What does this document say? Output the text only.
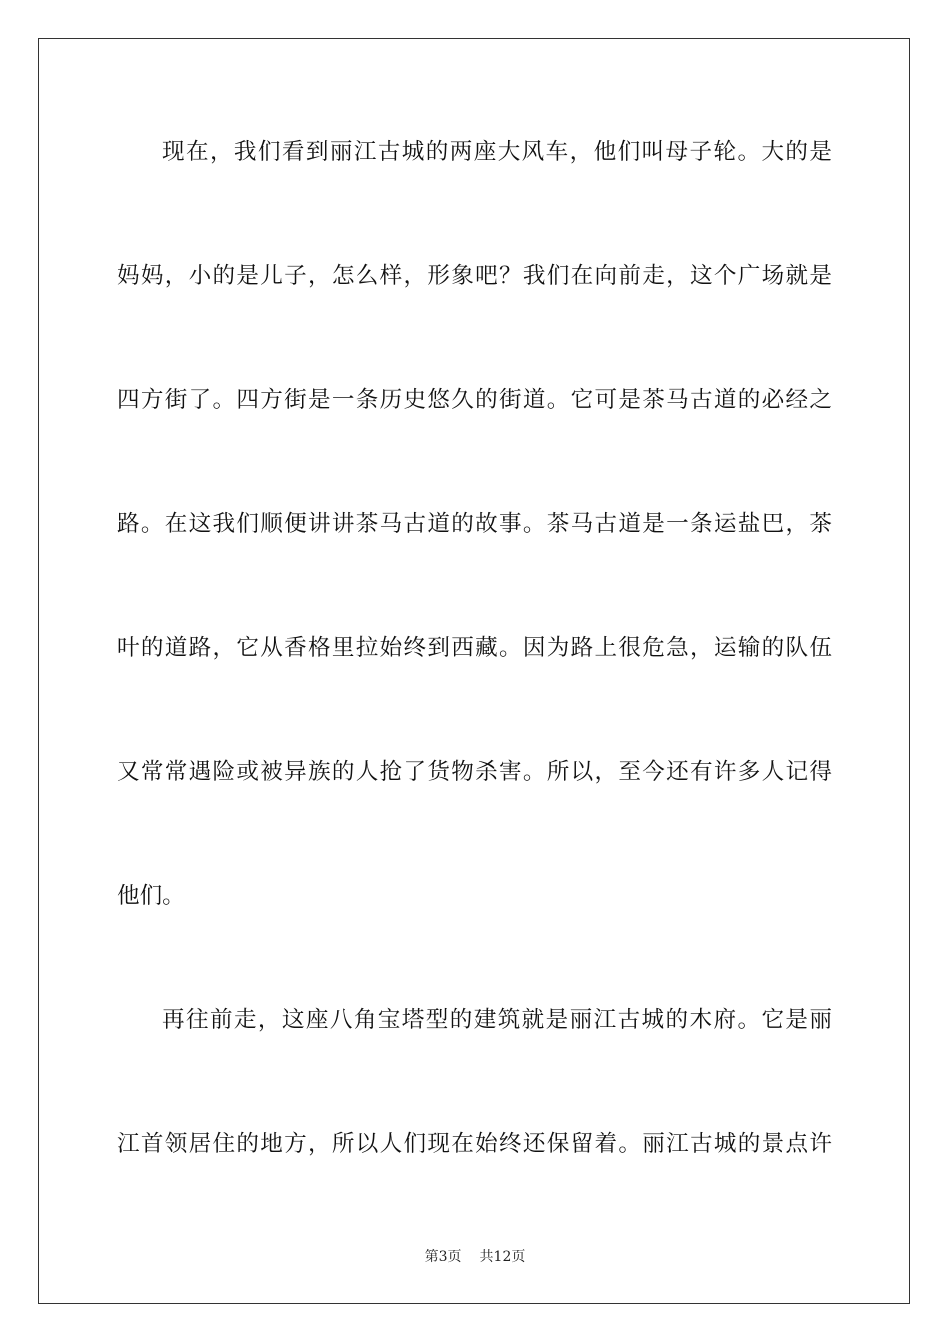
现在，我们看到丽江古城的两座大风车，他们叫母子轮。大的是
妈妈，小的是儿子，怎么样，形象吧？我们在向前走，这个广场就是
四方街了。四方街是一条历史悠久的街道。它可是茶马古道的必经之
路。在这我们顺便讲讲茶马古道的故事。茶马古道是一条运盐巴，茶
叶的道路，它从香格里拉始终到西藏。因为路上很危急，运输的队伍
又常常遇险或被异族的人抢了货物杀害。所以，至今还有许多人记得
他们。
再往前走，这座八角宝塔型的建筑就是丽江古城的木府。它是丽
江首领居住的地方，所以人们现在始终还保留着。丽江古城的景点许
第3页 共12页
